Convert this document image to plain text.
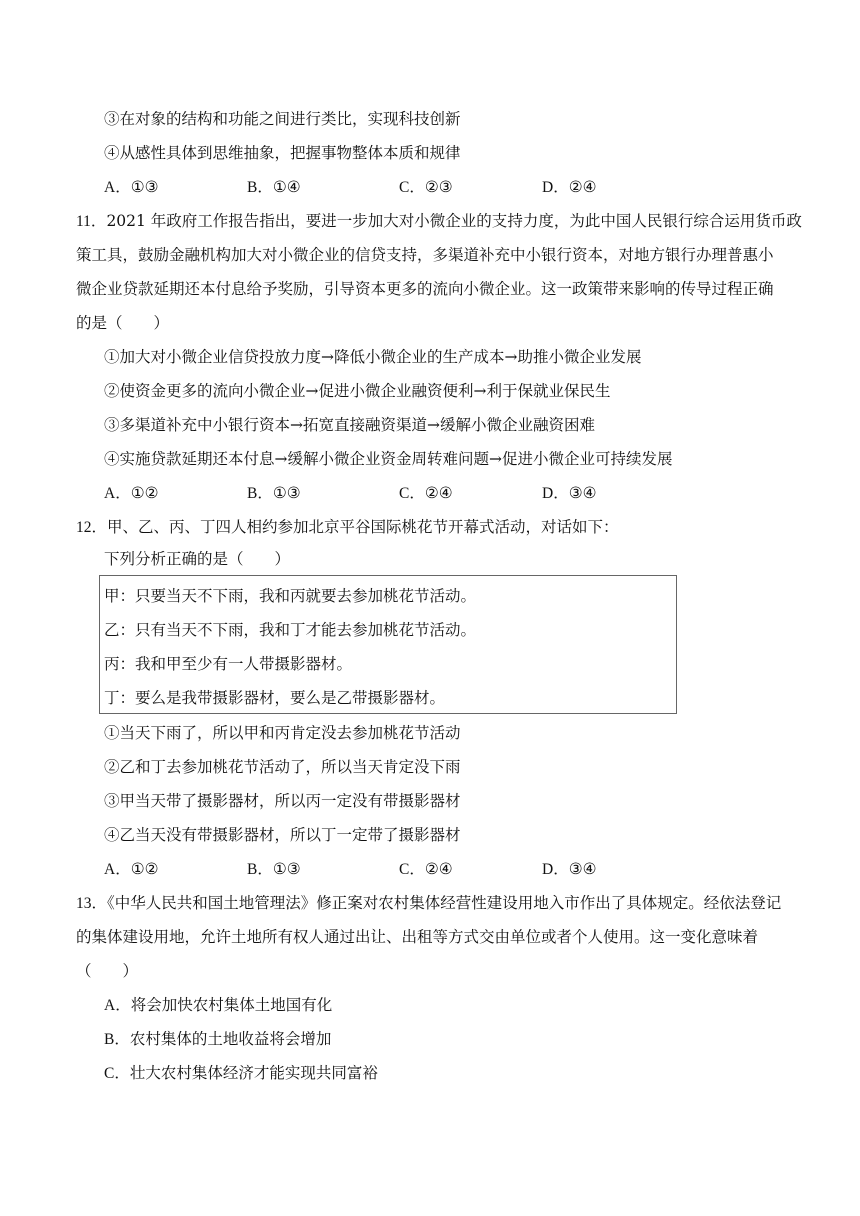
③在对象的结构和功能之间进行类比，实现科技创新
④从感性具体到思维抽象，把握事物整体本质和规律
A．①③	B．①④	C．②③	D．②④
11．2021 年政府工作报告指出，要进一步加大对小微企业的支持力度，为此中国人民银行综合运用货币政
策工具，鼓励金融机构加大对小微企业的信贷支持，多渠道补充中小银行资本，对地方银行办理普惠小
微企业贷款延期还本付息给予奖励，引导资本更多的流向小微企业。这一政策带来影响的传导过程正确
的是（　　）
①加大对小微企业信贷投放力度→降低小微企业的生产成本→助推小微企业发展
②使资金更多的流向小微企业→促进小微企业融资便利→利于保就业保民生
③多渠道补充中小银行资本→拓宽直接融资渠道→缓解小微企业融资困难
④实施贷款延期还本付息→缓解小微企业资金周转难问题→促进小微企业可持续发展
A．①②	B．①③	C．②④	D．③④
12．甲、乙、丙、丁四人相约参加北京平谷国际桃花节开幕式活动，对话如下：
下列分析正确的是（　　）
甲：只要当天不下雨，我和丙就要去参加桃花节活动。
乙：只有当天不下雨，我和丁才能去参加桃花节活动。
丙：我和甲至少有一人带摄影器材。
丁：要么是我带摄影器材，要么是乙带摄影器材。
①当天下雨了，所以甲和丙肯定没去参加桃花节活动
②乙和丁去参加桃花节活动了，所以当天肯定没下雨
③甲当天带了摄影器材，所以丙一定没有带摄影器材
④乙当天没有带摄影器材，所以丁一定带了摄影器材
A．①②	B．①③	C．②④	D．③④
13．《中华人民共和国土地管理法》修正案对农村集体经营性建设用地入市作出了具体规定。经依法登记
的集体建设用地，允许土地所有权人通过出让、出租等方式交由单位或者个人使用。这一变化意味着
（　　）
A．将会加快农村集体土地国有化
B．农村集体的土地收益将会增加
C．壮大农村集体经济才能实现共同富裕
